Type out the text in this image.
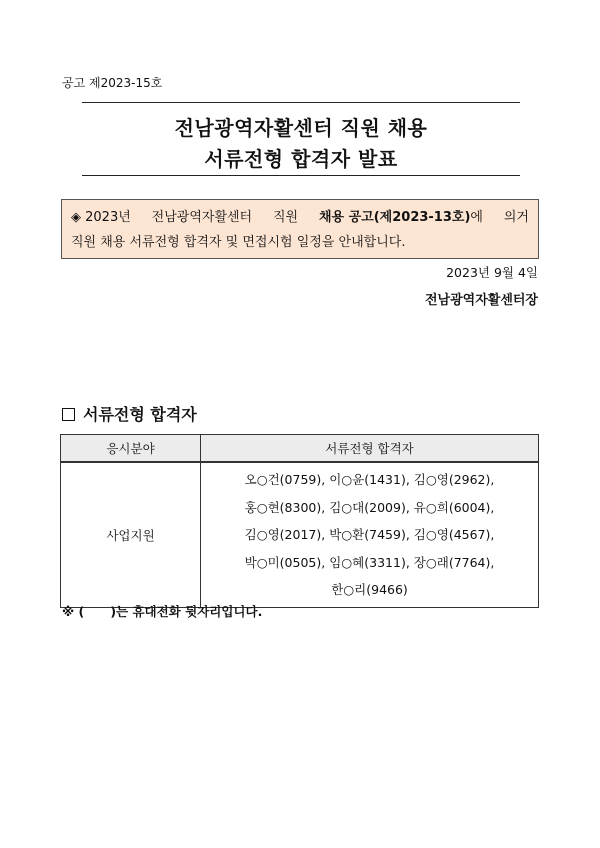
공고 제2023-15호
전남광역자활센터 직원 채용
서류전형 합격자 발표
◈ 2023년 전남광역자활센터 직원 채용 공고(제2023-13호)에 의거
직원 채용 서류전형 합격자 및 면접시험 일정을 안내합니다.
2023년 9월 4일
전남광역자활센터장
서류전형 합격자
응시분야	서류전형 합격자
사업지원	오○건(0759), 이○윤(1431), 김○영(2962),
홍○현(8300), 김○대(2009), 유○희(6004),
김○영(2017), 박○환(7459), 김○영(4567),
박○미(0505), 임○혜(3311), 장○래(7764),
한○리(9466)
※ (      )는 휴대전화 뒷자리입니다.
